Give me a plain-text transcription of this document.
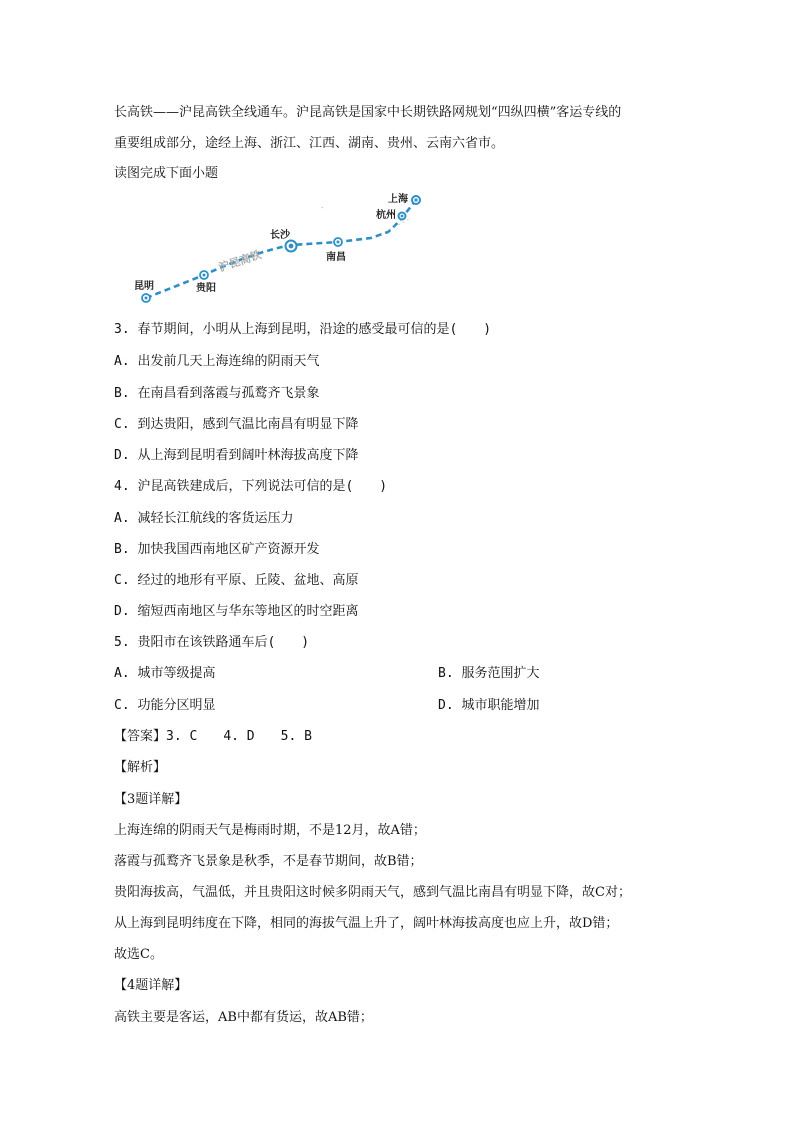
长高铁——沪昆高铁全线通车。沪昆高铁是国家中长期铁路网规划“四纵四横”客运专线的
重要组成部分，途经上海、浙江、江西、湖南、贵州、云南六省市。
读图完成下面小题
沪昆高铁
上海
杭州
长沙
南昌
贵阳
昆明
3. 春节期间，小明从上海到昆明，沿途的感受最可信的是(　　)
A. 出发前几天上海连绵的阴雨天气
B. 在南昌看到落霞与孤鹜齐飞景象
C. 到达贵阳，感到气温比南昌有明显下降
D. 从上海到昆明看到阔叶林海拔高度下降
4. 沪昆高铁建成后，下列说法可信的是(　　)
A. 减轻长江航线的客货运压力
B. 加快我国西南地区矿产资源开发
C. 经过的地形有平原、丘陵、盆地、高原
D. 缩短西南地区与华东等地区的时空距离
5. 贵阳市在该铁路通车后(　　)
A. 城市等级提高	B. 服务范围扩大
C. 功能分区明显	D. 城市职能增加
【答案】3. C　　4. D　　5. B
【解析】
【3题详解】
上海连绵的阴雨天气是梅雨时期，不是12月，故A错；
落霞与孤鹜齐飞景象是秋季，不是春节期间，故B错；
贵阳海拔高，气温低，并且贵阳这时候多阴雨天气，感到气温比南昌有明显下降，故C对；
从上海到昆明纬度在下降，相同的海拔气温上升了，阔叶林海拔高度也应上升，故D错；
故选C。
【4题详解】
高铁主要是客运，AB中都有货运，故AB错；
